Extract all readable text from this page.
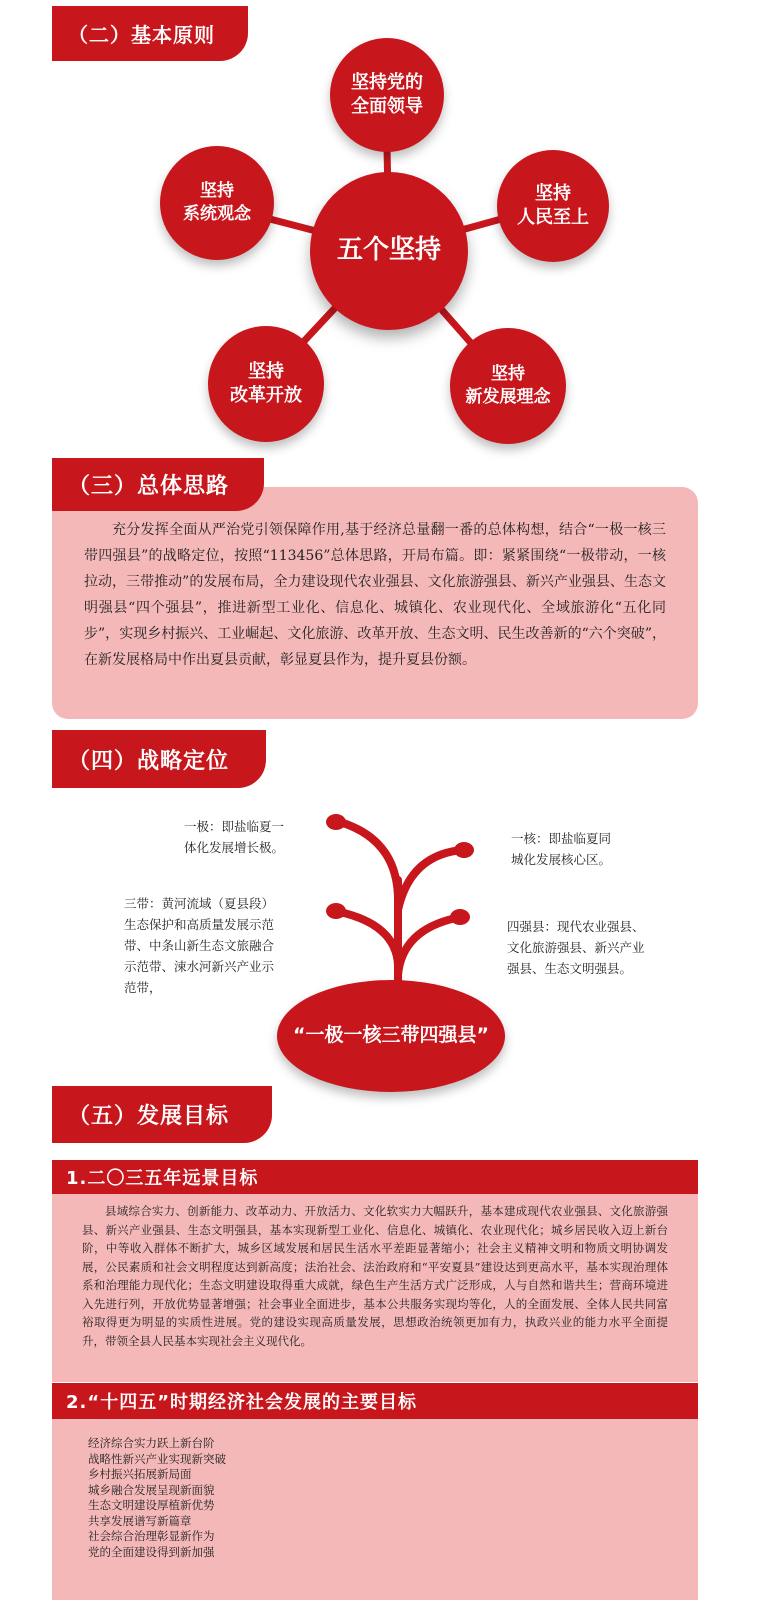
（二）基本原则
坚持党的
全面领导
坚持
人民至上
坚持
新发展理念
坚持
改革开放
坚持
系统观念
五个坚持

充分发挥全面从严治党引领保障作用,基于经济总量翻一番的总体构想，结合“一极一核三带四强县”的战略定位，按照“113456”总体思路，开局布篇。即：紧紧围绕“一极带动，一核拉动，三带推动”的发展布局，全力建设现代农业强县、文化旅游强县、新兴产业强县、生态文明强县“四个强县”，推进新型工业化、信息化、城镇化、农业现代化、全域旅游化“五化同步”，实现乡村振兴、工业崛起、文化旅游、改革开放、生态文明、民生改善新的“六个突破”，在新发展格局中作出夏县贡献，彰显夏县作为，提升夏县份额。

（三）总体思路
（四）战略定位
“一极一核三带四强县”
一极：即盐临夏一
体化发展增长极。
一核：即盐临夏同
城化发展核心区。
三带：黄河流域（夏县段）
生态保护和高质量发展示范
带、中条山新生态文旅融合
示范带、涑水河新兴产业示
范带，
四强县：现代农业强县、
文化旅游强县、新兴产业
强县、生态文明强县。
（五）发展目标
1.二〇三五年远景目标

县域综合实力、创新能力、改革动力、开放活力、文化软实力大幅跃升，基本建成现代农业强县、文化旅游强县、新兴产业强县、生态文明强县，基本实现新型工业化、信息化、城镇化、农业现代化；城乡居民收入迈上新台阶，中等收入群体不断扩大，城乡区域发展和居民生活水平差距显著缩小；社会主义精神文明和物质文明协调发展，公民素质和社会文明程度达到新高度；法治社会、法治政府和“平安夏县”建设达到更高水平，基本实现治理体系和治理能力现代化；生态文明建设取得重大成就，绿色生产生活方式广泛形成，人与自然和谐共生；营商环境进入先进行列，开放优势显著增强；社会事业全面进步，基本公共服务实现均等化，人的全面发展、全体人民共同富裕取得更为明显的实质性进展。党的建设实现高质量发展，思想政治统领更加有力，执政兴业的能力水平全面提升，带领全县人民基本实现社会主义现代化。

2.“十四五”时期经济社会发展的主要目标
经济综合实力跃上新台阶
战略性新兴产业实现新突破
乡村振兴拓展新局面
城乡融合发展呈现新面貌
生态文明建设厚植新优势
共享发展谱写新篇章
社会综合治理彰显新作为
党的全面建设得到新加强
